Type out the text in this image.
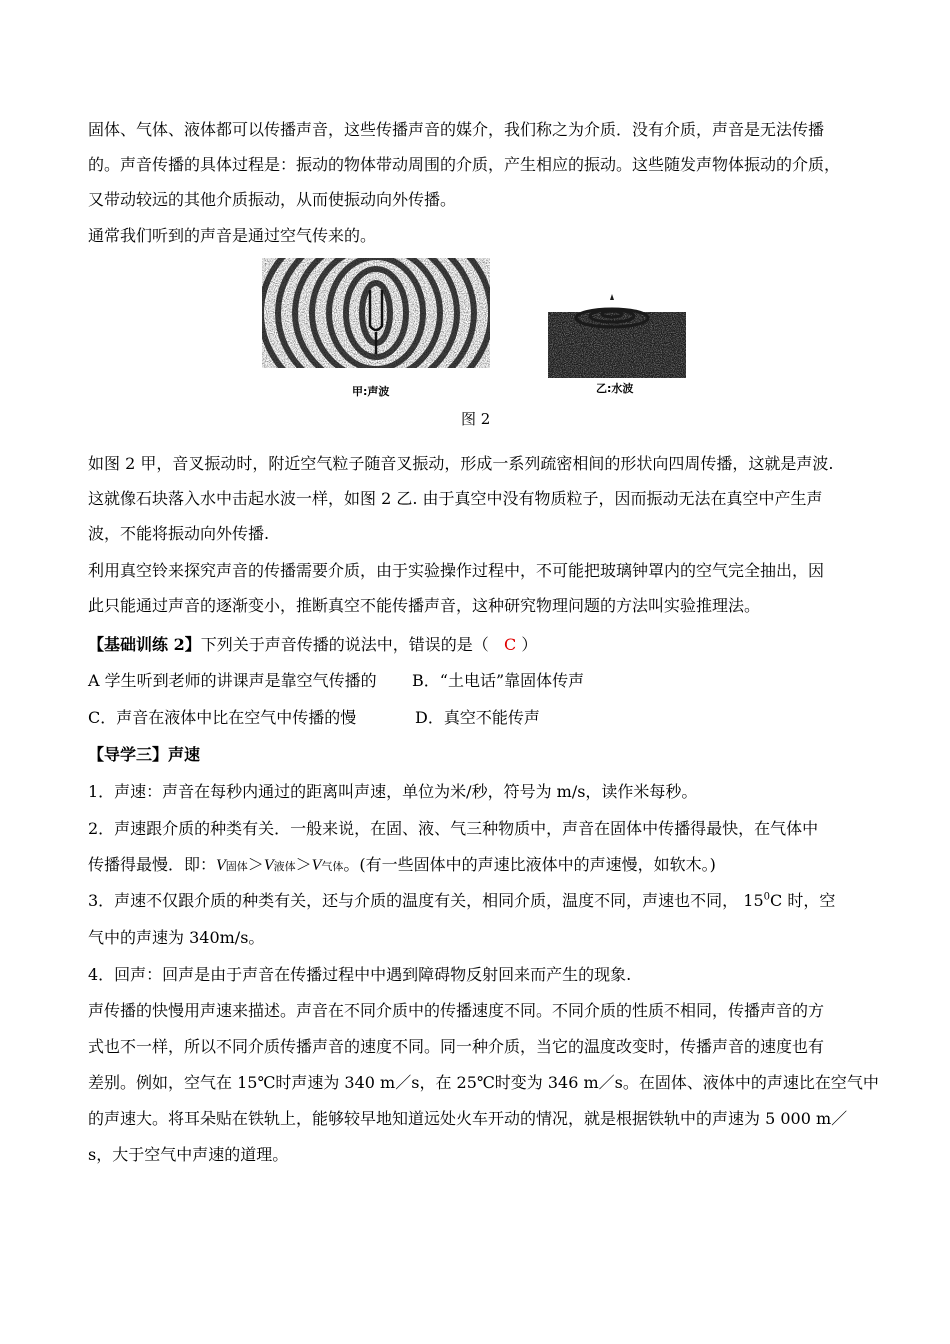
固体、气体、液体都可以传播声音，这些传播声音的媒介，我们称之为介质．没有介质，声音是无法传播
的。声音传播的具体过程是：振动的物体带动周围的介质，产生相应的振动。这些随发声物体振动的介质，
又带动较远的其他介质振动，从而使振动向外传播。
通常我们听到的声音是通过空气传来的。
甲:声波	乙:水波
图 2
如图 2 甲，音叉振动时，附近空气粒子随音叉振动，形成一系列疏密相间的形状向四周传播，这就是声波.
这就像石块落入水中击起水波一样，如图 2 乙. 由于真空中没有物质粒子，因而振动无法在真空中产生声
波，不能将振动向外传播.
利用真空铃来探究声音的传播需要介质，由于实验操作过程中，不可能把玻璃钟罩内的空气完全抽出，因
此只能通过声音的逐渐变小，推断真空不能传播声音，这种研究物理问题的方法叫实验推理法。
【基础训练 2】下列关于声音传播的说法中，错误的是（ C ）
A 学生听到老师的讲课声是靠空气传播的 B．“土电话”靠固体传声
C．声音在液体中比在空气中传播的慢	D．真空不能传声
【导学三】声速
1．声速：声音在每秒内通过的距离叫声速，单位为米/秒，符号为 m/s，读作米每秒。
2．声速跟介质的种类有关．一般来说，在固、液、气三种物质中，声音在固体中传播得最快，在气体中
传播得最慢．即：V固体＞V液体＞V气体。(有一些固体中的声速比液体中的声速慢，如软木。)
3．声速不仅跟介质的种类有关，还与介质的温度有关，相同介质，温度不同，声速也不同， $15^0C$ 时，空
气中的声速为 340m/s。
4．回声：回声是由于声音在传播过程中中遇到障碍物反射回来而产生的现象.
声传播的快慢用声速来描述。声音在不同介质中的传播速度不同。不同介质的性质不相同，传播声音的方
式也不一样，所以不同介质传播声音的速度不同。同一种介质，当它的温度改变时，传播声音的速度也有
差别。例如，空气在 15℃时声速为 340 m／s，在 25℃时变为 346 m／s。在固体、液体中的声速比在空气中
的声速大。将耳朵贴在铁轨上，能够较早地知道远处火车开动的情况，就是根据铁轨中的声速为 5 000 m／
s，大于空气中声速的道理。
